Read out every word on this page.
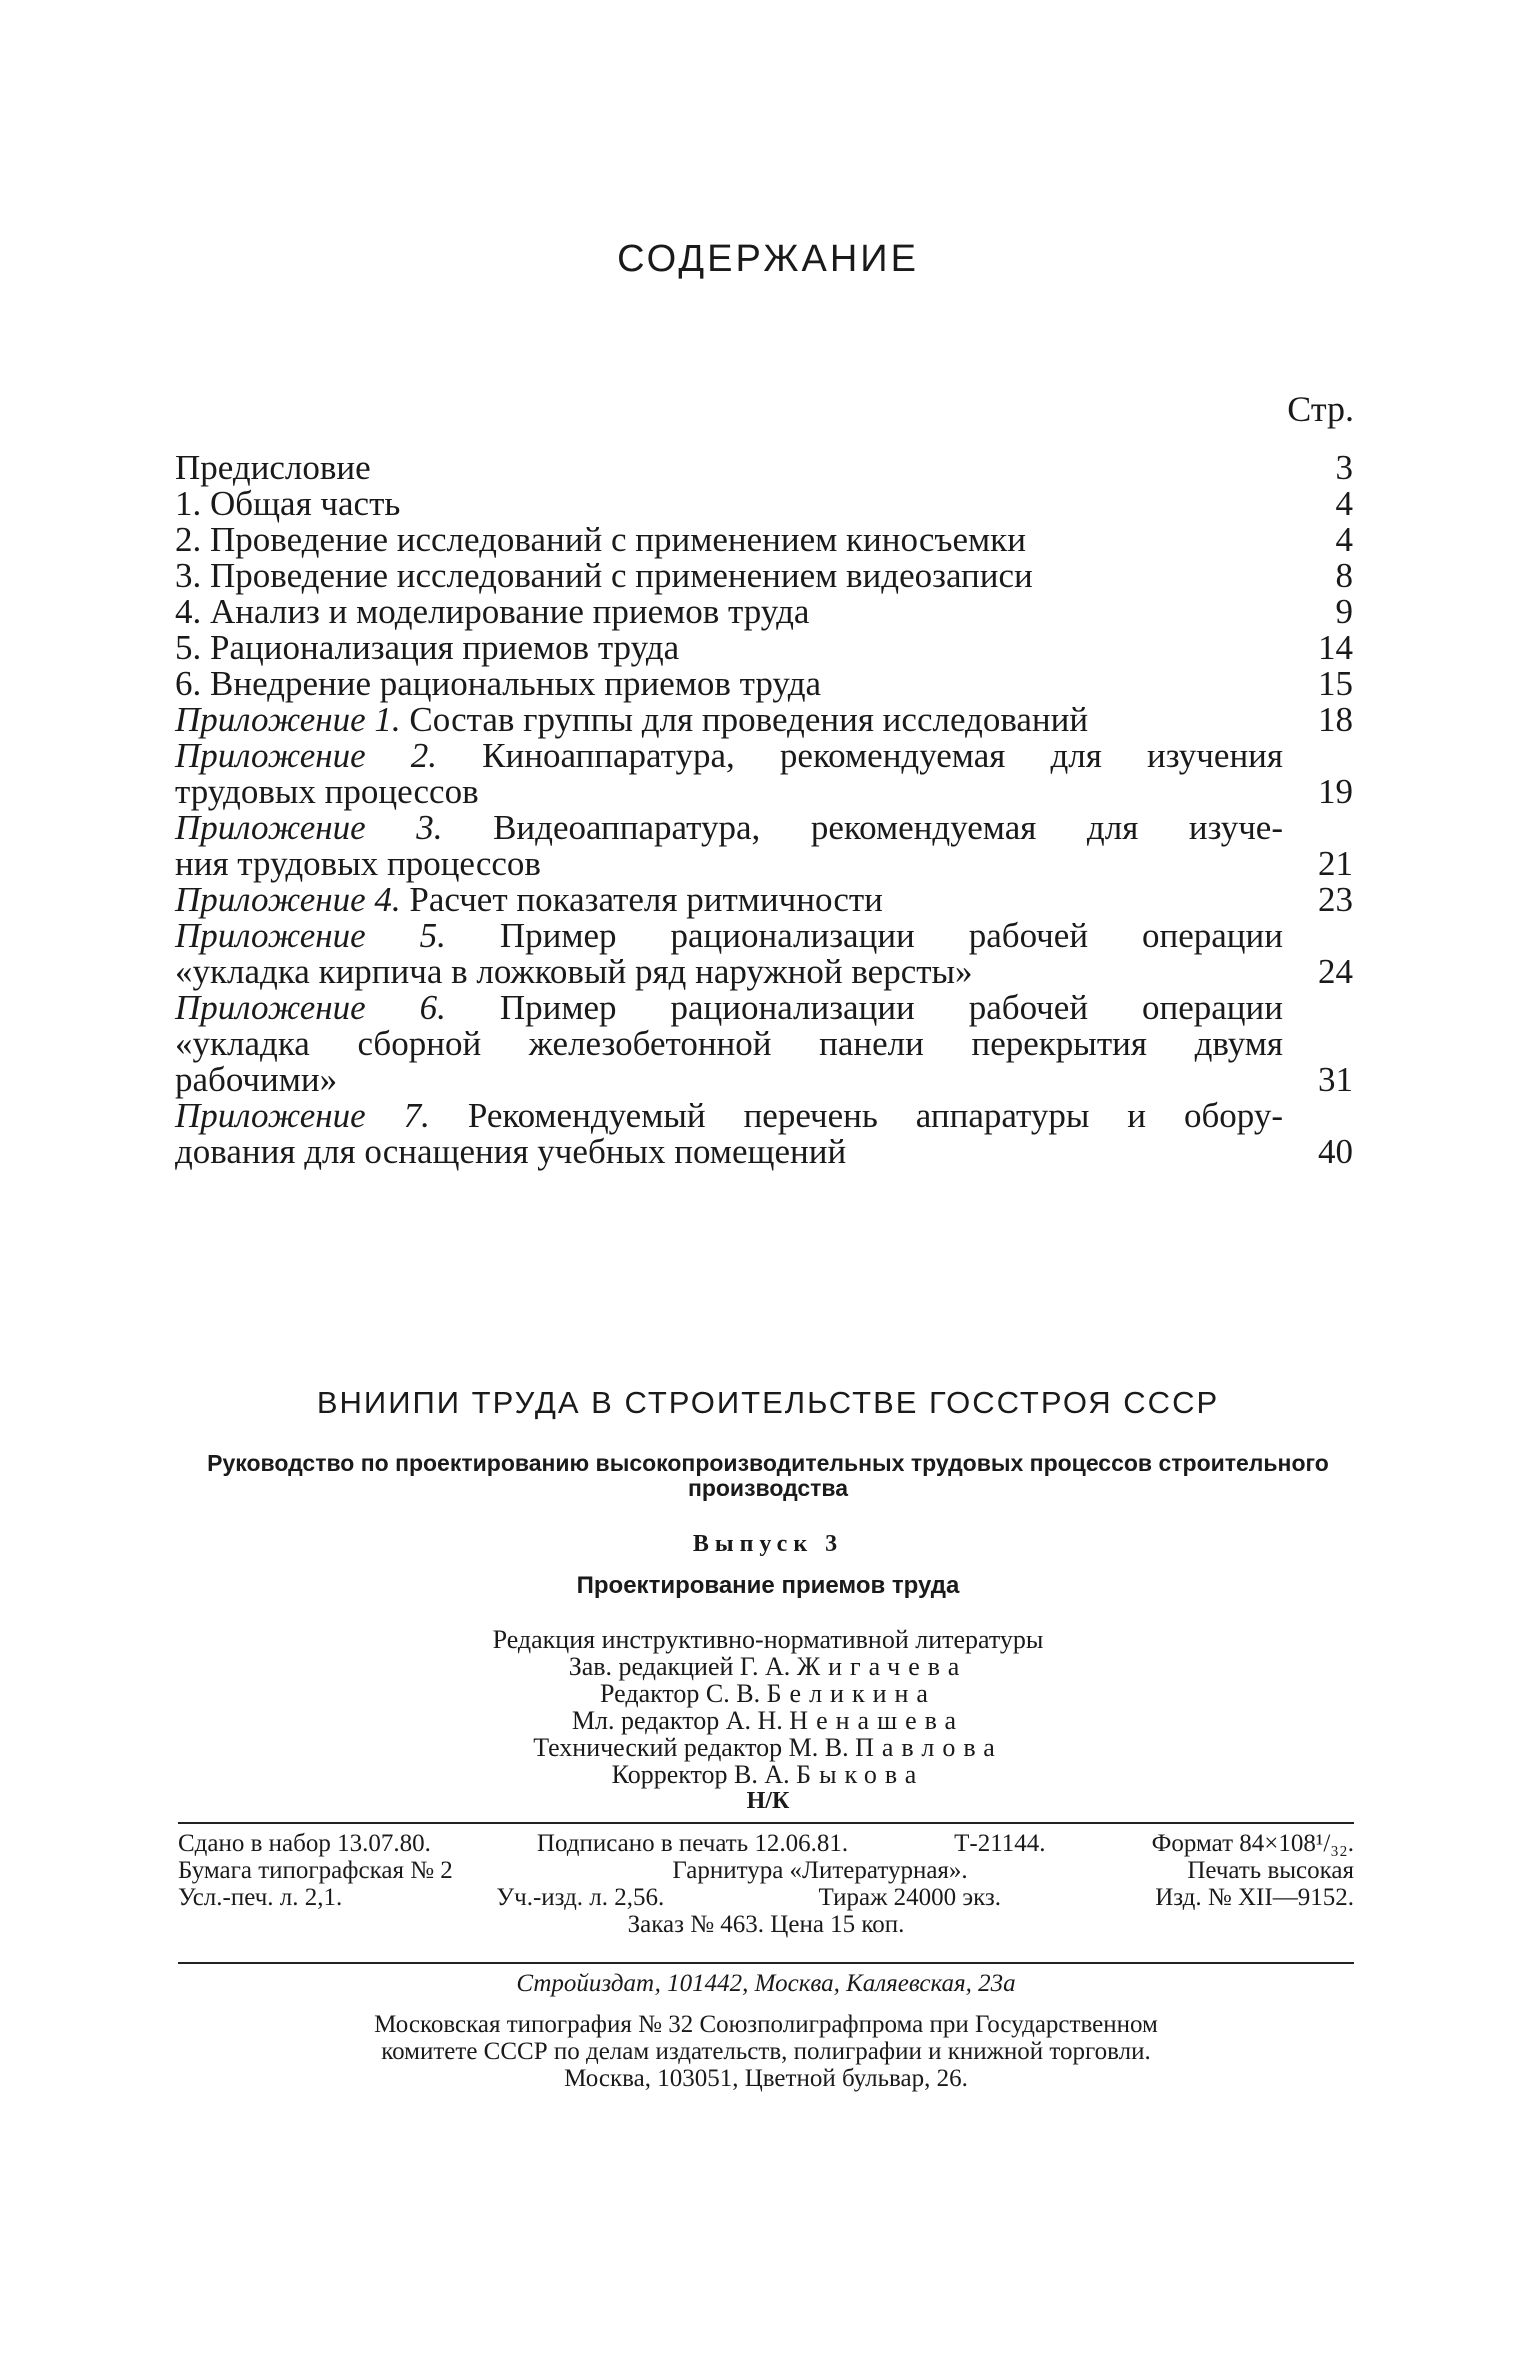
СОДЕРЖАНИЕ
Стр.
Предисловие	3
1. Общая часть	4
2. Проведение исследований с применением киносъемки	4
3. Проведение исследований с применением видеозаписи	8
4. Анализ и моделирование приемов труда	9
5. Рационализация приемов труда	14
6. Внедрение рациональных приемов труда	15
Приложение 1. Состав группы для проведения исследований	18
Приложение 2. Киноаппаратура, рекомендуемая для изучения
трудовых процессов	19
Приложение 3. Видеоаппаратура, рекомендуемая для изуче-
ния трудовых процессов	21
Приложение 4. Расчет показателя ритмичности	23
Приложение 5. Пример рационализации рабочей операции
«укладка кирпича в ложковый ряд наружной версты»	24
Приложение 6. Пример рационализации рабочей операции
«укладка сборной железобетонной панели перекрытия двумя
рабочими»	31
Приложение 7. Рекомендуемый перечень аппаратуры и обору-
дования для оснащения учебных помещений	40
ВНИИПИ ТРУДА В СТРОИТЕЛЬСТВЕ ГОССТРОЯ СССР
Руководство по проектированию высокопроизводительных трудовых процессов строительного производства
Выпуск 3
Проектирование приемов труда
Редакция инструктивно-нормативной литературы
Зав. редакцией Г. А. Жигачева
Редактор С. В. Беликина
Мл. редактор А. Н. Ненашева
Технический редактор М. В. Павлова
Корректор В. А. Быкова
Н/К
Сдано в набор 13.07.80.	Подписано в печать 12.06.81.	Т-21144.	Формат 84×108¹/₃₂.
Бумага типографская № 2	Гарнитура «Литературная».	Печать высокая
Усл.-печ. л. 2,1.	Уч.-изд. л. 2,56.	Тираж 24000 экз.	Изд. № XII—9152.
Заказ № 463. Цена 15 коп.
Стройиздат, 101442, Москва, Каляевская, 23а
Московская типография № 32 Союзполиграфпрома при Государственном
комитете СССР по делам издательств, полиграфии и книжной торговли.
Москва, 103051, Цветной бульвар, 26.
